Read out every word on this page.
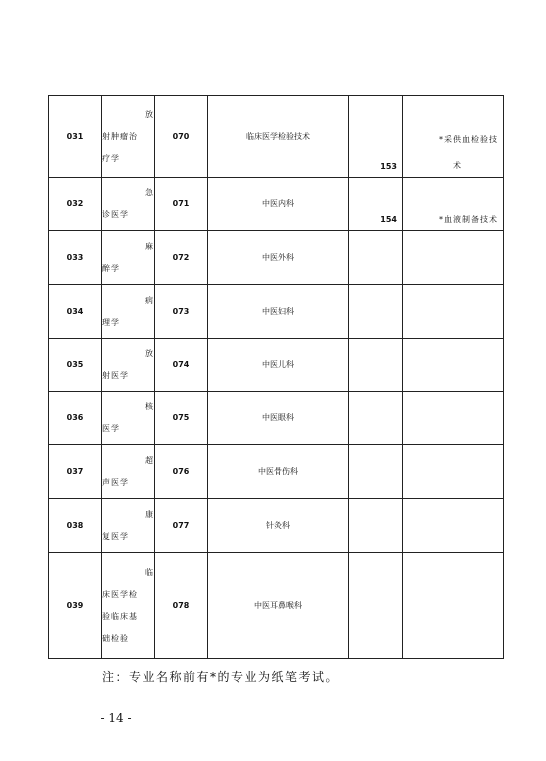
031	放
射肿瘤治
疗学	070	临床医学检验技术	153	*采供血检验技
术

032	急
诊医学	071	中医内科	154	*血液制备技术

033	麻
醉学	072	中医外科		
034	病
理学	073	中医妇科		
035	放
射医学	074	中医儿科		
036	核
医学	075	中医眼科		
037	超
声医学	076	中医骨伤科		
038	康
复医学	077	针灸科		
039	临
床医学检
验临床基
础检验	078	中医耳鼻喉科		
注：专业名称前有*的专业为纸笔考试。
- 14 -
